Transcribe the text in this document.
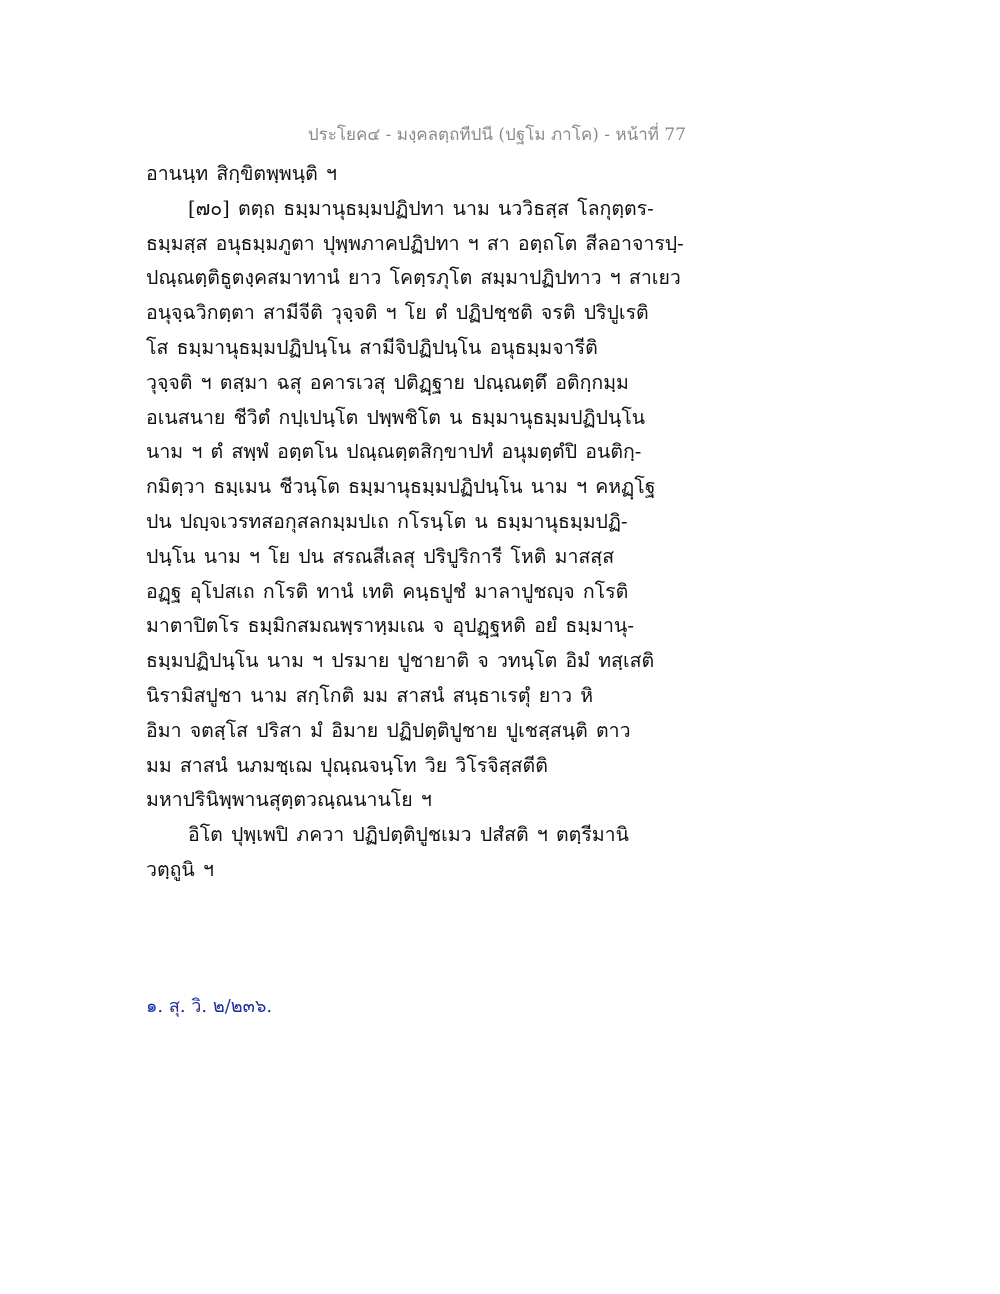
ประโยค๔ - มงฺคลตฺถทีปนี (ปฐโม ภาโค) - หน้าที่ 77
อานนฺท สิกฺขิตพฺพนฺติ ฯ
[๗๐] ตตฺถ ธมฺมานุธมฺมปฏิปทา นาม นววิธสฺส โลกุตฺตร-
ธมฺมสฺส อนุธมฺมภูตา ปุพฺพภาคปฏิปทา ฯ สา อตฺถโต สีลอาจารปฺ-
ปณฺณตฺติธูตงฺคสมาทานํ ยาว โคตฺรภุโต สมฺมาปฏิปทาว ฯ สาเยว
อนุจฺฉวิกตฺตา สามีจีติ วุจฺจติ ฯ โย ตํ ปฏิปชฺชติ จรติ ปริปูเรติ
โส ธมฺมานุธมฺมปฏิปนฺโน สามีจิปฏิปนฺโน อนุธมฺมจารีติ
วุจฺจติ ฯ ตสฺมา ฉสุ อคารเวสุ ปติฏฺฐาย ปณฺณตฺตึ อติกฺกมฺม
อเนสนาย ชีวิตํ กปฺเปนฺโต ปพฺพชิโต น ธมฺมานุธมฺมปฏิปนฺโน
นาม ฯ ตํ สพฺพํ อตฺตโน ปณฺณตฺตสิกฺขาปทํ อนุมตฺตํปิ อนติกฺ-
กมิตฺวา ธมฺเมน ชีวนฺโต ธมฺมานุธมฺมปฏิปนฺโน นาม ฯ คหฏฺโฐ
ปน ปญฺจเวรทสอกุสลกมฺมปเถ กโรนฺโต น ธมฺมานุธมฺมปฏิ-
ปนฺโน นาม ฯ โย ปน สรณสีเลสุ ปริปูริการี โหติ มาสสฺส
อฏฺฐ อุโปสเถ กโรติ ทานํ เทติ คนฺธปูชํ มาลาปูชญฺจ กโรติ
มาตาปิตโร ธมฺมิกสมณพฺราหฺมเณ จ อุปฏฺฐหติ อยํ ธมฺมานุ-
ธมฺมปฏิปนฺโน นาม ฯ ปรมาย ปูชายาติ จ วทนฺโต อิมํ ทสฺเสติ
นิรามิสปูชา นาม สกฺโกติ มม สาสนํ สนฺธาเรตุํ ยาว หิ
อิมา จตสฺโส ปริสา มํ อิมาย ปฏิปตฺติปูชาย ปูเชสฺสนฺติ ตาว
มม สาสนํ นภมชฺเฌ ปุณฺณจนฺโท วิย วิโรจิสฺสตีติ
มหาปรินิพฺพานสุตฺตวณฺณนานโย ฯ
อิโต ปุพฺเพปิ ภควา ปฏิปตฺติปูชเมว ปสํสติ ฯ ตตฺรีมานิ
วตฺถูนิ ฯ
๑. สุ. วิ. ๒/๒๓๖.
